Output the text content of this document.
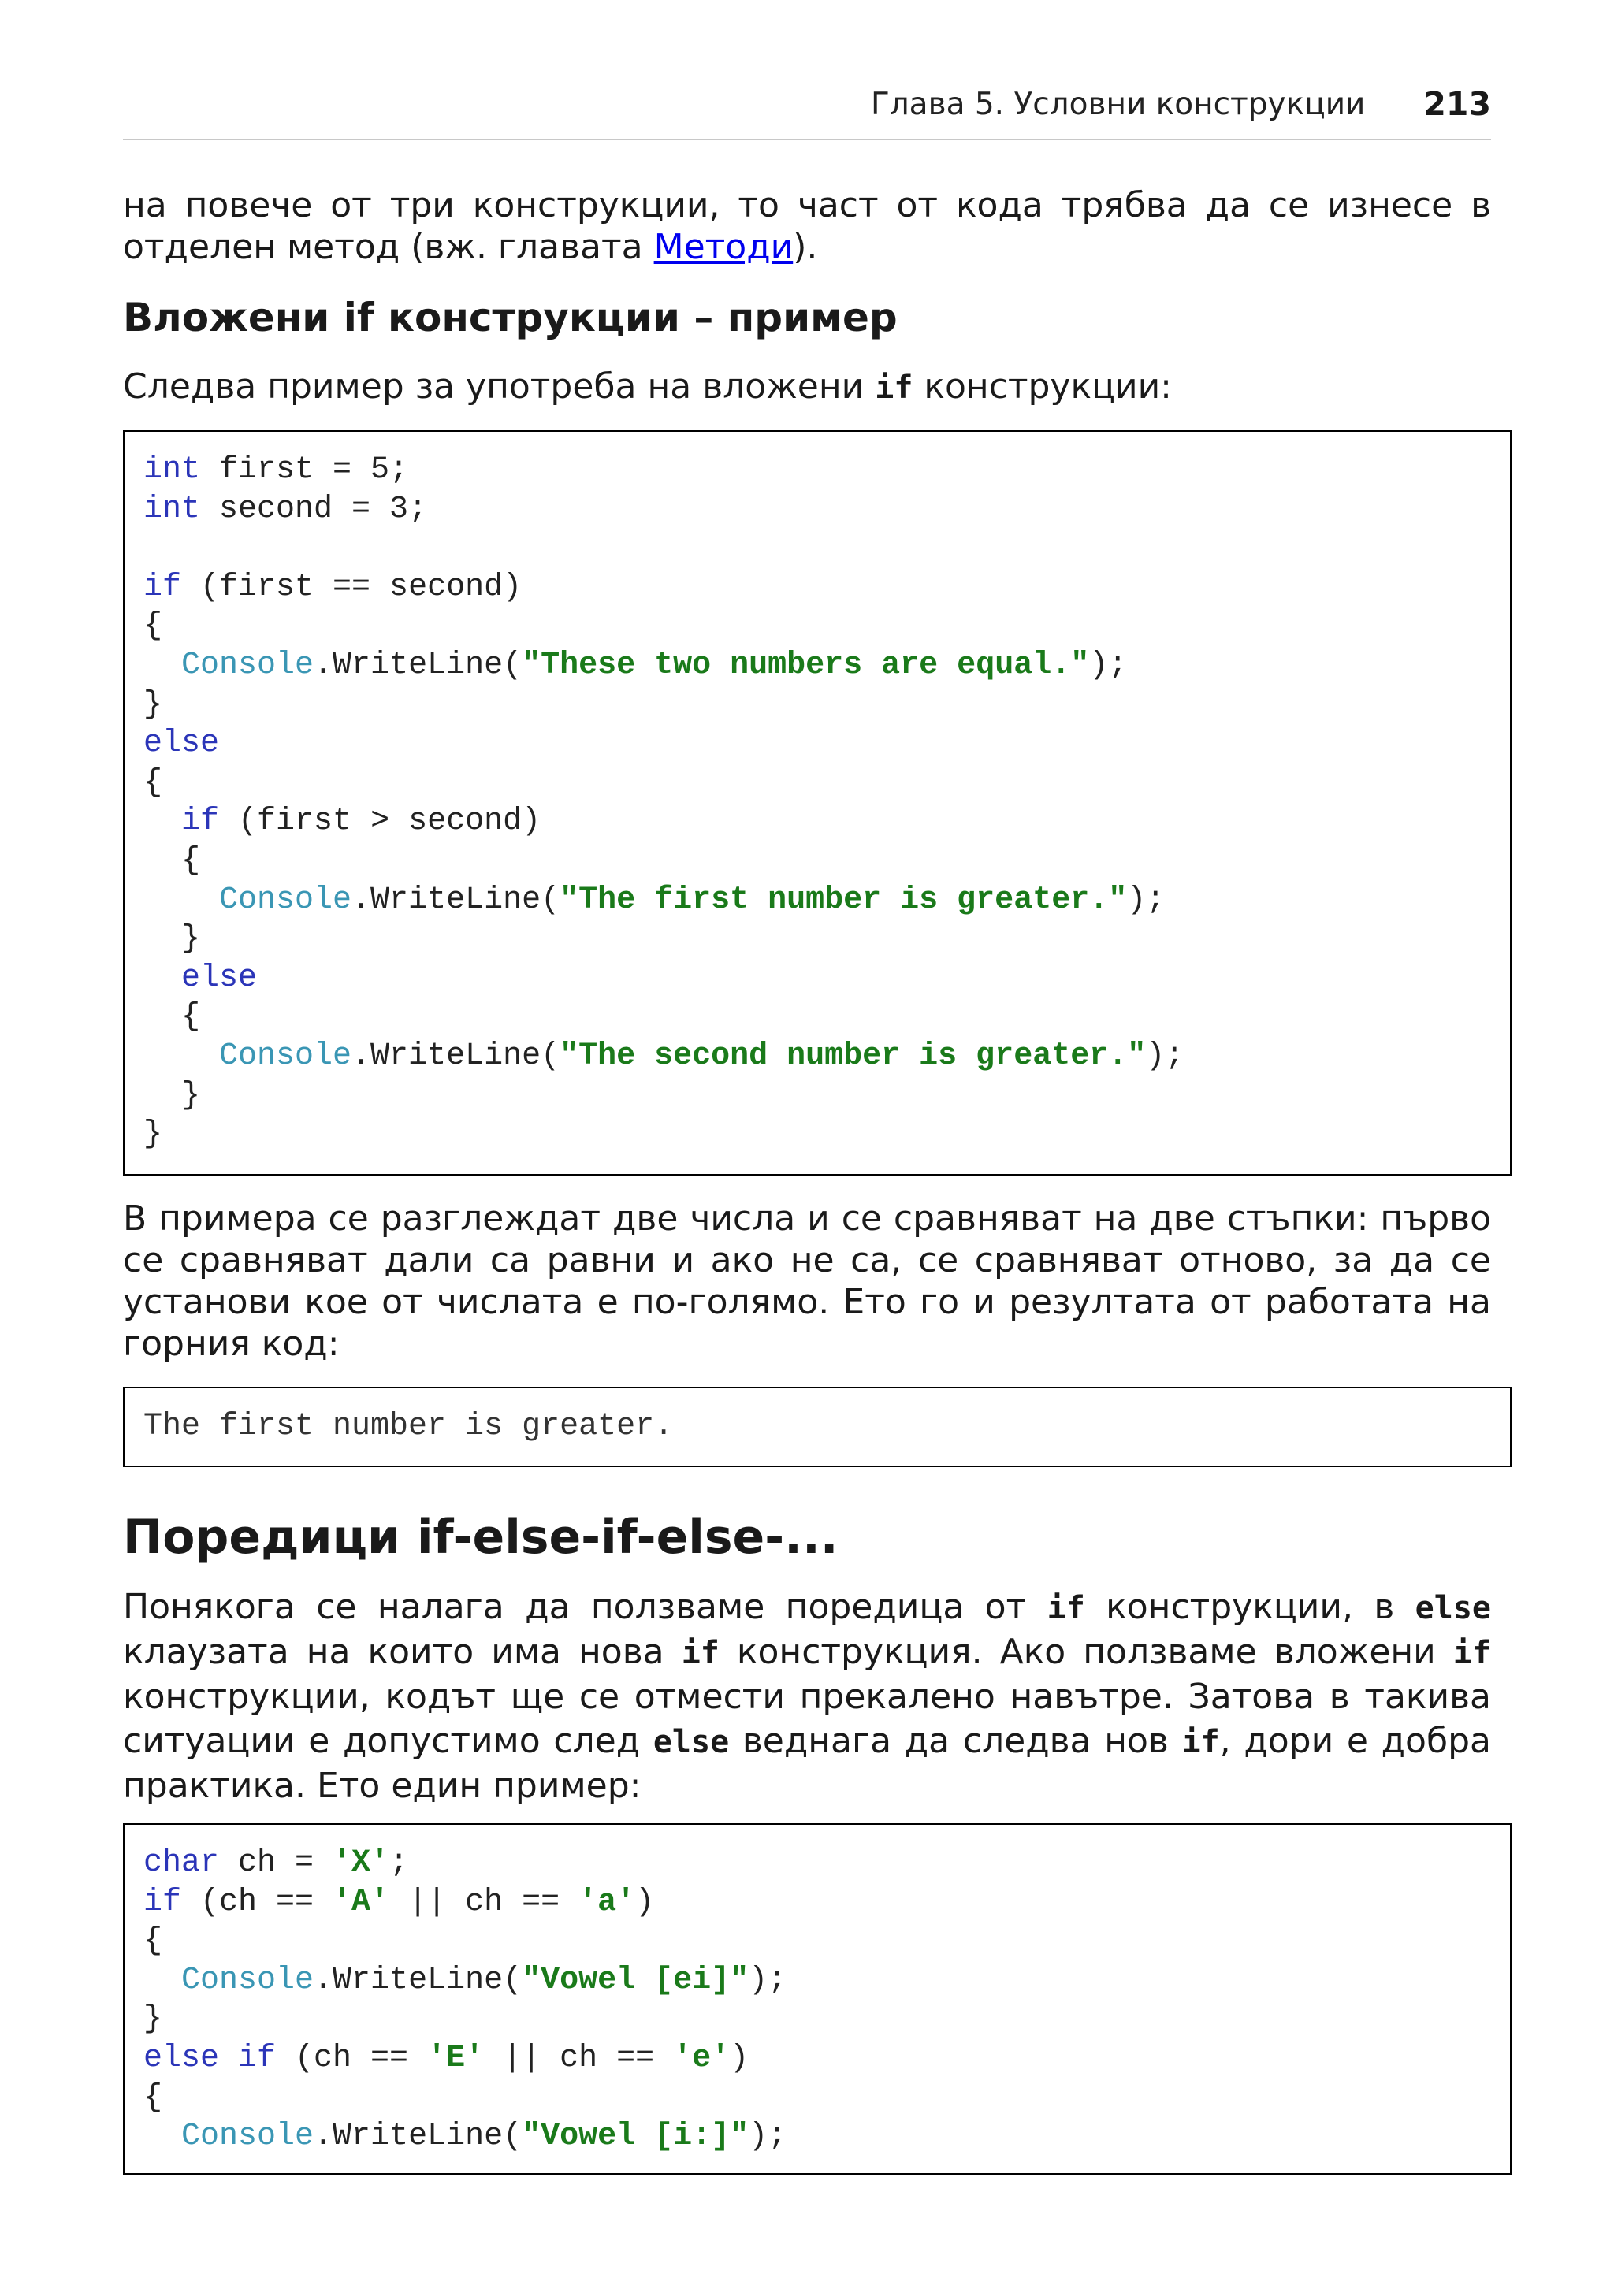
Глава 5. Условни конструкции 213
на повече от три конструкции, то част от кода трябва да се изнесе в
отделен метод (вж. главата Методи).
Вложени if конструкции – пример
Следва пример за употреба на вложени if конструкции:
int first = 5;
int second = 3;

if (first == second)
{
Console.WriteLine("These two numbers are equal.");
}
else
{
if (first > second)
{
Console.WriteLine("The first number is greater.");
}
else
{
Console.WriteLine("The second number is greater.");
}
}
В примера се разглеждат две числа и се сравняват на две стъпки: първо
се сравняват дали са равни и ако не са, се сравняват отново, за да се
установи кое от числата е по-голямо. Ето го и резултата от работата на
горния код:
The first number is greater.
Поредици if-else-if-else-...
Понякога се налага да ползваме поредица от if конструкции, в else
клаузата на които има нова if конструкция. Ако ползваме вложени if
конструкции, кодът ще се отмести прекалено навътре. Затова в такива
ситуации е допустимо след else веднага да следва нов if, дори е добра
практика. Ето един пример:
char ch = 'X';
if (ch == 'A' || ch == 'a')
{
Console.WriteLine("Vowel [ei]");
}
else if (ch == 'E' || ch == 'e')
{
Console.WriteLine("Vowel [i:]");
